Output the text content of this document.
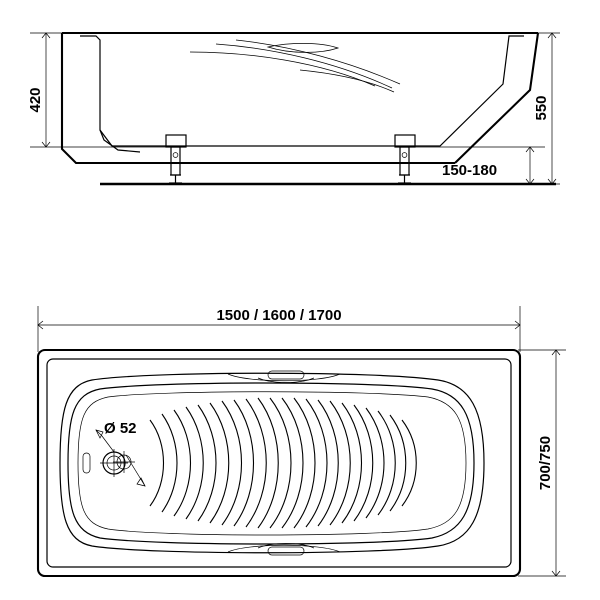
420	550
150-180
Ø 52
1500 / 1600 / 1700
700/750
